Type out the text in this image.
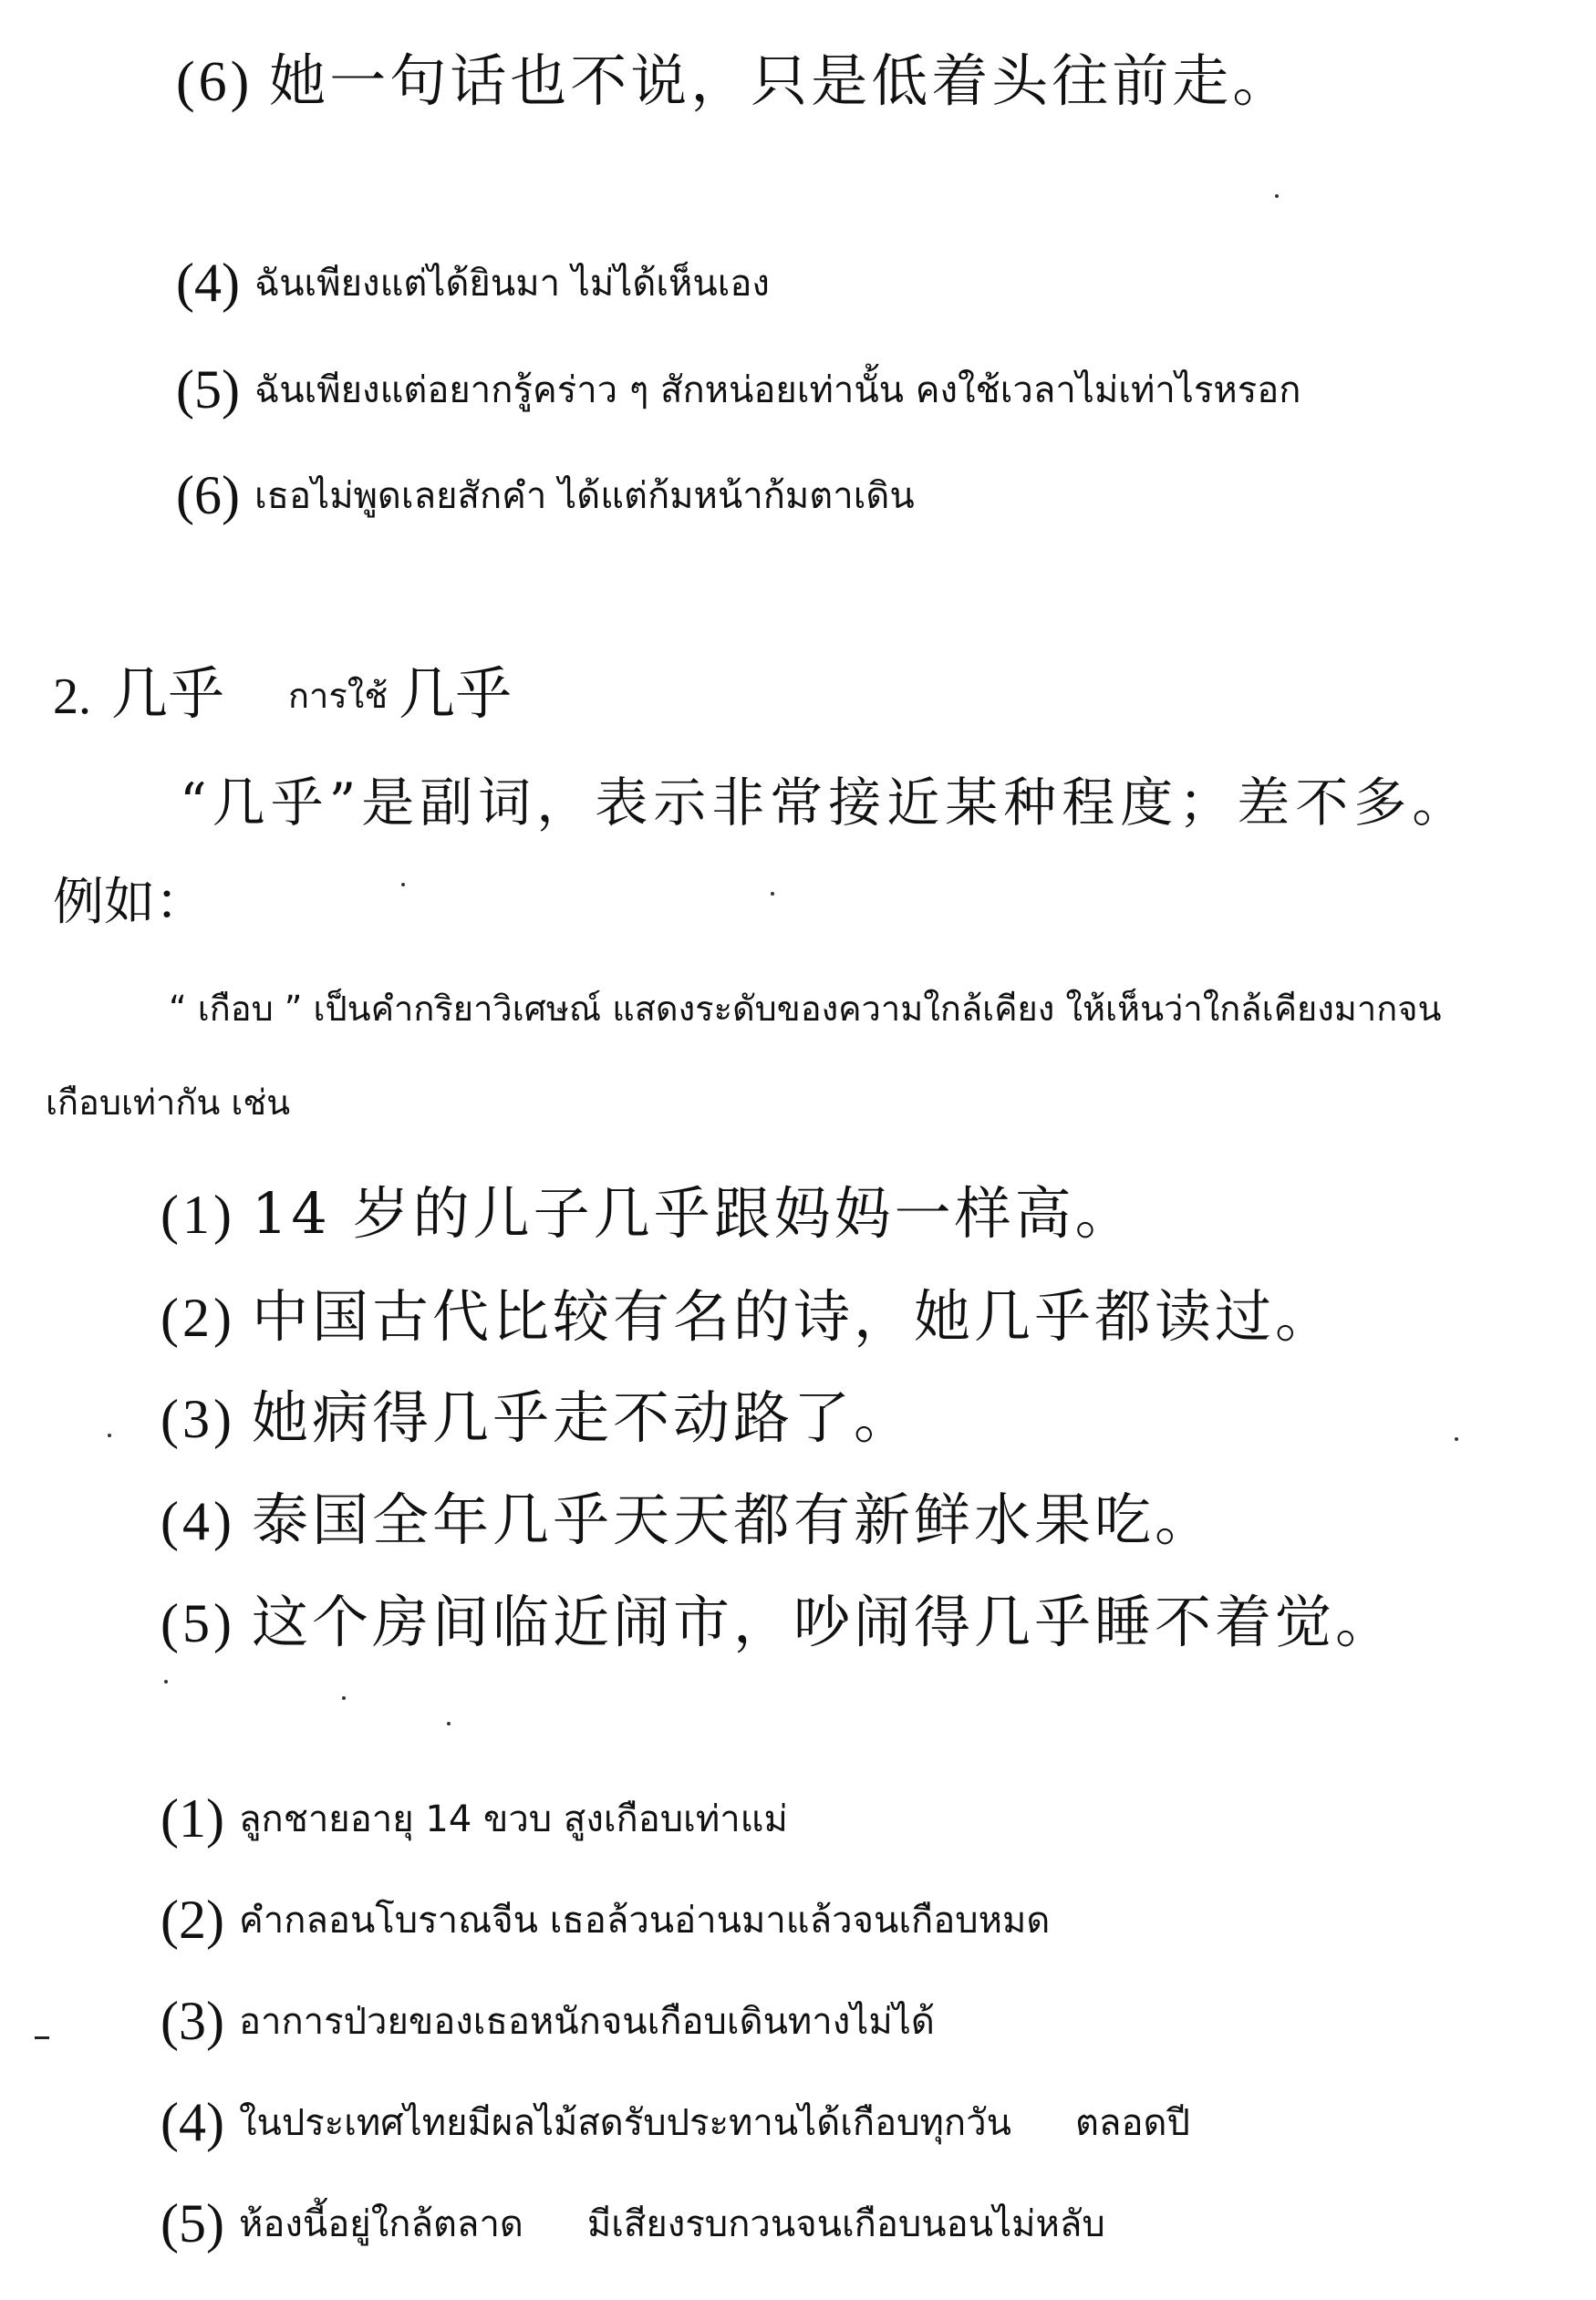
(6) 她一句话也不说，只是低着头往前走。
(4) ฉันเพียงแต่ได้ยินมา ไม่ได้เห็นเอง
(5) ฉันเพียงแต่อยากรู้คร่าว ๆ สักหน่อยเท่านั้น คงใช้เวลาไม่เท่าไรหรอก
(6) เธอไม่พูดเลยสักคำ ได้แต่ก้มหน้าก้มตาเดิน
2. 几乎 การใช้ 几乎
“几乎”是副词，表示非常接近某种程度；差不多。
例如：
“ เกือบ ” เป็นคำกริยาวิเศษณ์ แสดงระดับของความใกล้เคียง ให้เห็นว่าใกล้เคียงมากจน
เกือบเท่ากัน เช่น
(1) 14 岁的儿子几乎跟妈妈一样高。
(2) 中国古代比较有名的诗，她几乎都读过。
(3) 她病得几乎走不动路了。
(4) 泰国全年几乎天天都有新鲜水果吃。
(5) 这个房间临近闹市，吵闹得几乎睡不着觉。
(1) ลูกชายอายุ 14 ขวบ สูงเกือบเท่าแม่
(2) คำกลอนโบราณจีน เธอล้วนอ่านมาแล้วจนเกือบหมด
(3) อาการป่วยของเธอหนักจนเกือบเดินทางไม่ได้
(4) ในประเทศไทยมีผลไม้สดรับประทานได้เกือบทุกวัน ตลอดปี
(5) ห้องนี้อยู่ใกล้ตลาด มีเสียงรบกวนจนเกือบนอนไม่หลับ
